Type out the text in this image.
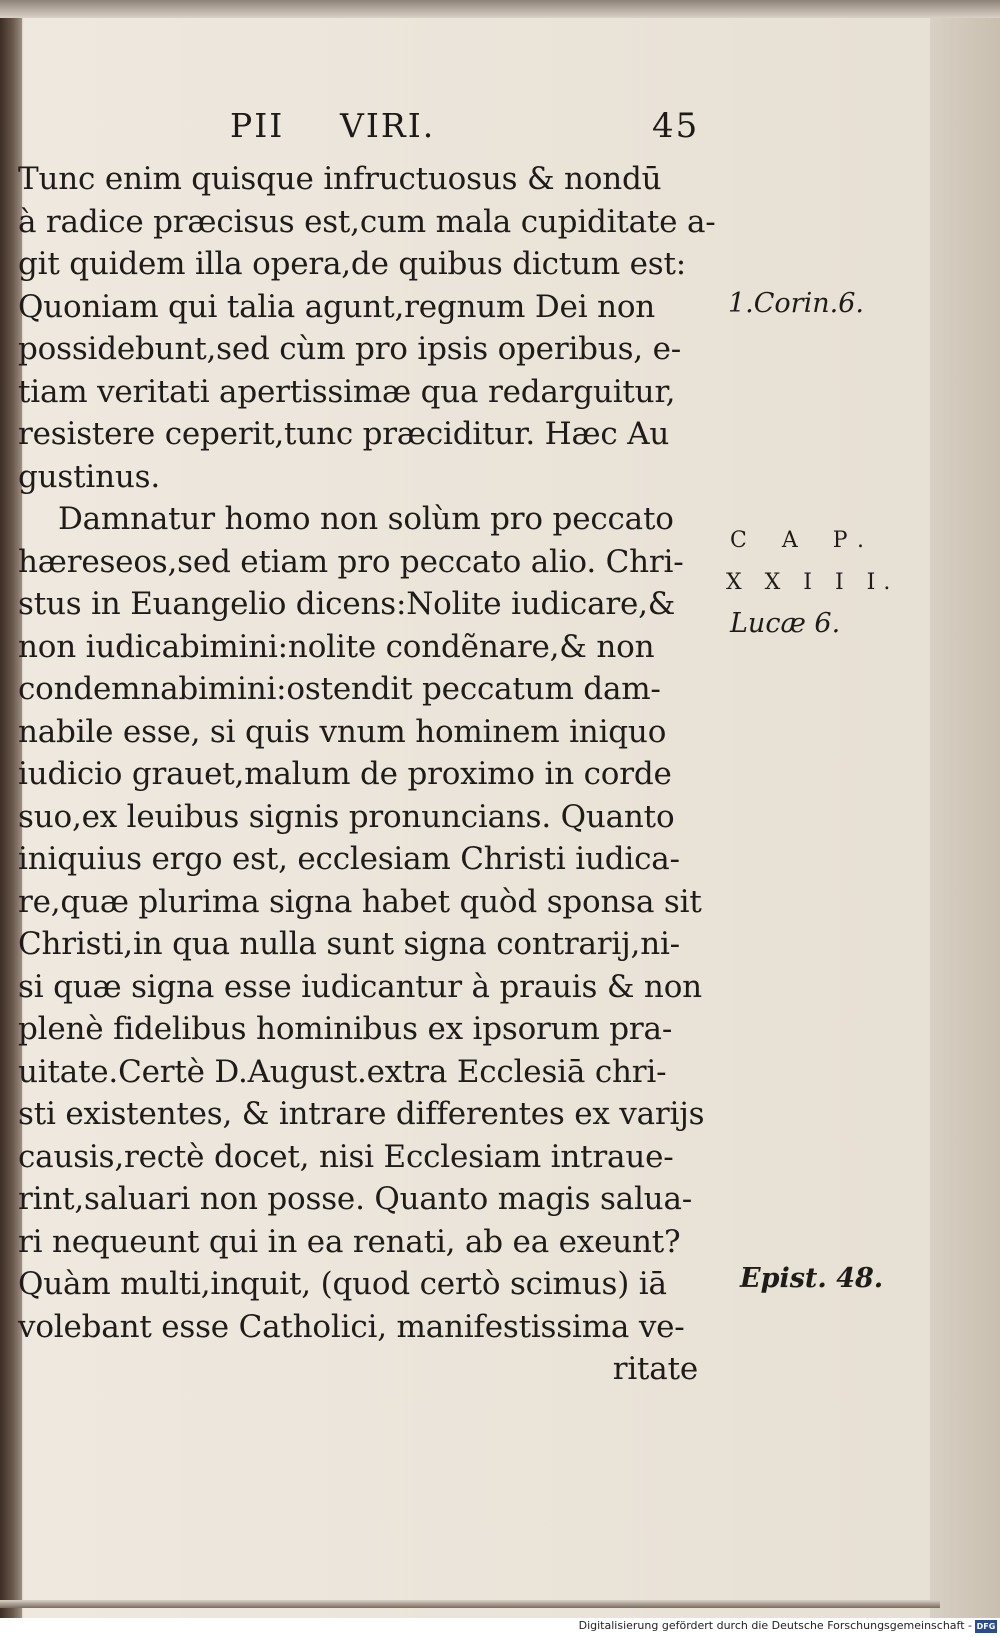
PII VIRI.	45
Tunc enim quisque infructuosus & nondū
à radice præcisus est,cum mala cupiditate a-
git quidem illa opera,de quibus dictum est:
Quoniam qui talia agunt,regnum Dei non
possidebunt,sed cùm pro ipsis operibus, e-
tiam veritati apertissimæ qua redarguitur,
resistere ceperit,tunc præciditur. Hæc Au
gustinus.
Damnatur homo non solùm pro peccato
hæreseos,sed etiam pro peccato alio. Chri-
stus in Euangelio dicens:Nolite iudicare,&
non iudicabimini:nolite condẽnare,& non
condemnabimini:ostendit peccatum dam-
nabile esse, si quis vnum hominem iniquo
iudicio grauet,malum de proximo in corde
suo,ex leuibus signis pronuncians. Quanto
iniquius ergo est, ecclesiam Christi iudica-
re,quæ plurima signa habet quòd sponsa sit
Christi,in qua nulla sunt signa contrarij,ni-
si quæ signa esse iudicantur à prauis & non
plenè fidelibus hominibus ex ipsorum pra-
uitate.Certè D.August.extra Ecclesiā chri-
sti existentes, & intrare differentes ex varijs
causis,rectè docet, nisi Ecclesiam intraue-
rint,saluari non posse. Quanto magis salua-
ri nequeunt qui in ea renati, ab ea exeunt?
Quàm multi,inquit, (quod certò scimus) iā
volebant esse Catholici, manifestissima ve-
ritate
1.Corin.6.
C A P.
X X I I I.
Lucæ 6.
Epist. 48.
Digitalisierung gefördert durch die Deutsche Forschungsgemeinschaft - DFG
